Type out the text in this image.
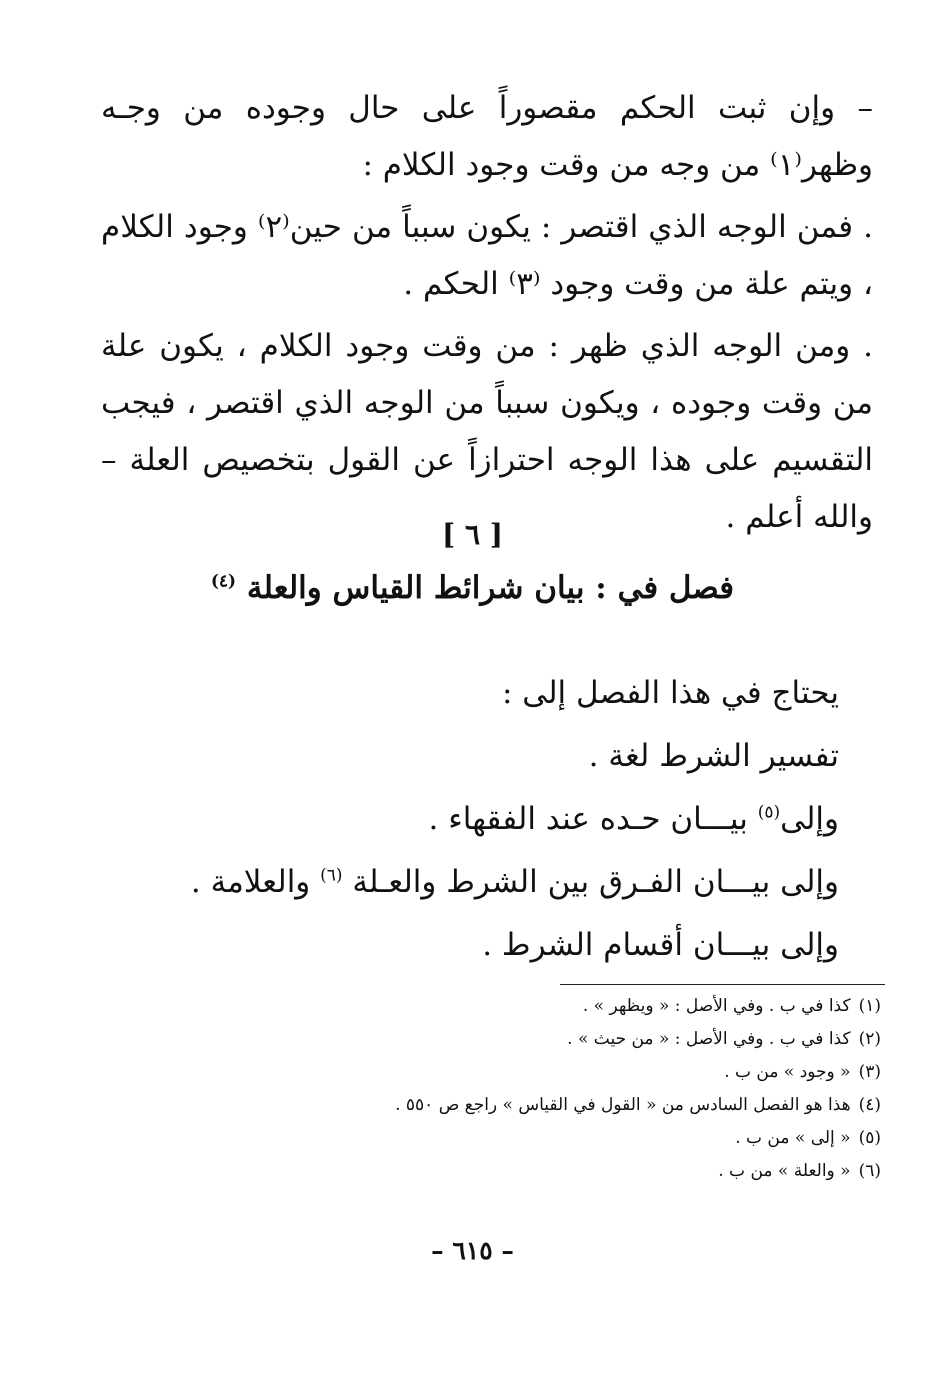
– وإن ثبت الحكم مقصوراً على حال وجوده من وجـه وظهر⁽١⁾ من وجه من وقت وجود الكلام :

. فمن الوجه الذي اقتصر : يكون سبباً من حين⁽٢⁾ وجود الكلام ، ويتم علة من وقت وجود ⁽٣⁾ الحكم .

. ومن الوجه الذي ظهر : من وقت وجود الكلام ، يكون علة من وقت وجوده ، ويكون سبباً من الوجه الذي اقتصر ، فيجب التقسيم على هذا الوجه احترازاً عن القول بتخصيص العلة – والله أعلم .

[ ٦ ]

فصل في : بيان شرائط القياس والعلة $^{(٤)}$

يحتاج في هذا الفصل إلى :
تفسير الشرط لغة .
وإلى$^{(٥)}$ بيـــان حـده عند الفقهاء .
وإلى بيـــان الفـرق بين الشرط والعـلة $^{(٦)}$ والعلامة .
وإلى بيـــان أقسام الشرط .
(١)كذا في ب . وفي الأصل : « ويظهر » .
(٢)كذا في ب . وفي الأصل : « من حيث » .
(٣)« وجود » من ب .
(٤)هذا هو الفصل السادس من « القول في القياس » راجع ص ٥٥٠ .
(٥)« إلى » من ب .
(٦)« والعلة » من ب .

– ٦١٥ –
